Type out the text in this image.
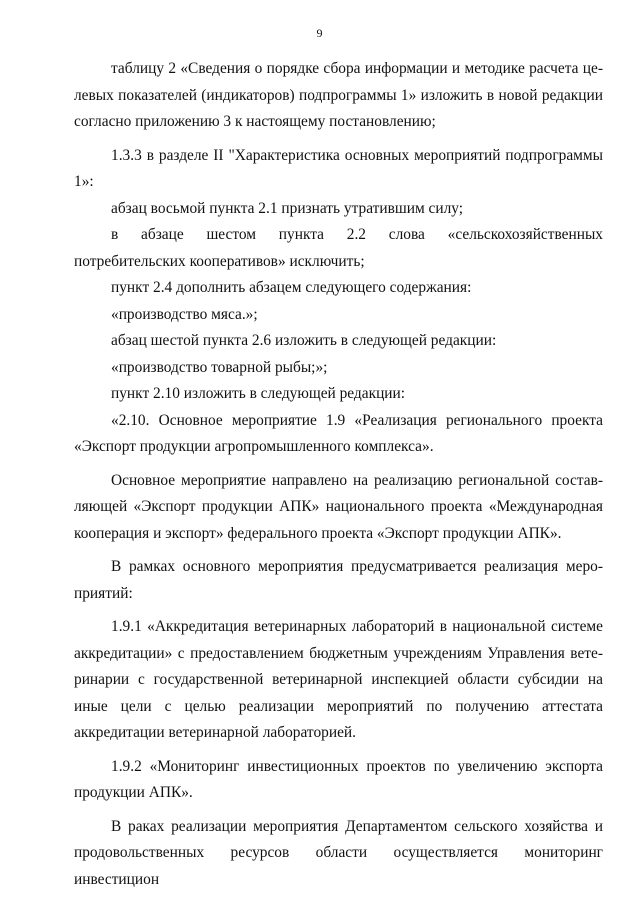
9

таблицу 2 «Сведения о порядке сбора информации и методике расчета целевых показателей (индикаторов) подпрограммы 1» изложить в новой редакции согласно приложению 3 к настоящему постановлению;

1.3.3 в разделе II "Характеристика основных мероприятий подпрограммы 1»:

абзац восьмой пункта 2.1 признать утратившим силу;

в абзаце шестом пункта 2.2 слова «сельскохозяйственных потребительских кооперативов» исключить;

пункт 2.4 дополнить абзацем следующего содержания:

«производство мяса.»;

абзац шестой пункта 2.6 изложить в следующей редакции:

«производство товарной рыбы;»;

пункт 2.10 изложить в следующей редакции:

«2.10. Основное мероприятие 1.9 «Реализация регионального проекта «Экспорт продукции агропромышленного комплекса».

Основное мероприятие направлено на реализацию региональной составляющей «Экспорт продукции АПК» национального проекта «Международная кооперация и экспорт» федерального проекта «Экспорт продукции АПК».

В рамках основного мероприятия предусматривается реализация мероприятий:

1.9.1 «Аккредитация ветеринарных лабораторий в национальной системе аккредитации» с предоставлением бюджетным учреждениям Управления ветеринарии с государственной ветеринарной инспекцией области субсидии на иные цели с целью реализации мероприятий по получению аттестата аккредитации ветеринарной лабораторией.

1.9.2 «Мониторинг инвестиционных проектов по увеличению экспорта продукции АПК».

В раках реализации мероприятия Департаментом сельского хозяйства и продовольственных ресурсов области осуществляется мониторинг инвестицион
